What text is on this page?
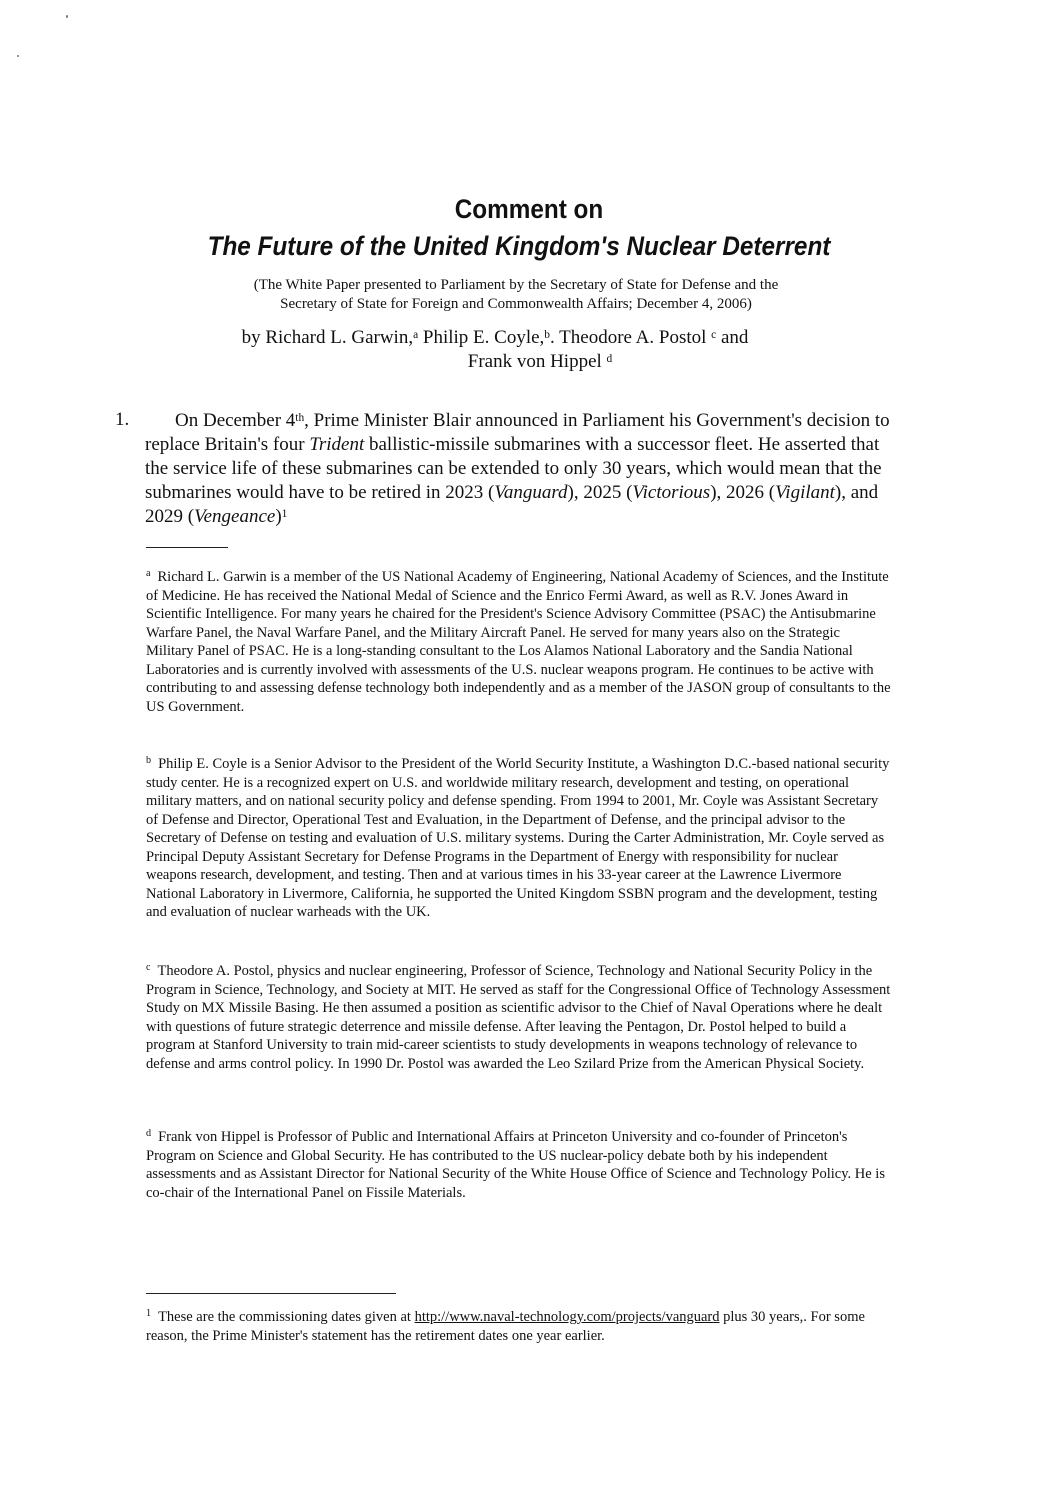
Comment on
The Future of the United Kingdom's Nuclear Deterrent
(The White Paper presented to Parliament by the Secretary of State for Defense and the
Secretary of State for Foreign and Commonwealth Affairs; December 4, 2006)
by Richard L. Garwin,$^a$ Philip E. Coyle,$^b$. Theodore A. Postol $^c$ and
Frank von Hippel $^d$
1.	On December 4th, Prime Minister Blair announced in Parliament his Government's decision to replace Britain's four Trident ballistic-missile submarines with a successor fleet. He asserted that the service life of these submarines can be extended to only 30 years, which would mean that the submarines would have to be retired in 2023 (Vanguard), 2025 (Victorious), 2026 (Vigilant), and 2029 (Vengeance)$^1$
$^a$ Richard L. Garwin is a member of the US National Academy of Engineering, National Academy of Sciences, and the Institute of Medicine. He has received the National Medal of Science and the Enrico Fermi Award, as well as R.V. Jones Award in Scientific Intelligence. For many years he chaired for the President's Science Advisory Committee (PSAC) the Antisubmarine Warfare Panel, the Naval Warfare Panel, and the Military Aircraft Panel. He served for many years also on the Strategic Military Panel of PSAC. He is a long-standing consultant to the Los Alamos National Laboratory and the Sandia National Laboratories and is currently involved with assessments of the U.S. nuclear weapons program. He continues to be active with contributing to and assessing defense technology both independently and as a member of the JASON group of consultants to the US Government.
$^b$ Philip E. Coyle is a Senior Advisor to the President of the World Security Institute, a Washington D.C.-based national security study center. He is a recognized expert on U.S. and worldwide military research, development and testing, on operational military matters, and on national security policy and defense spending. From 1994 to 2001, Mr. Coyle was Assistant Secretary of Defense and Director, Operational Test and Evaluation, in the Department of Defense, and the principal advisor to the Secretary of Defense on testing and evaluation of U.S. military systems. During the Carter Administration, Mr. Coyle served as Principal Deputy Assistant Secretary for Defense Programs in the Department of Energy with responsibility for nuclear weapons research, development, and testing. Then and at various times in his 33-year career at the Lawrence Livermore National Laboratory in Livermore, California, he supported the United Kingdom SSBN program and the development, testing and evaluation of nuclear warheads with the UK.
$^c$ Theodore A. Postol, physics and nuclear engineering, Professor of Science, Technology and National Security Policy in the Program in Science, Technology, and Society at MIT. He served as staff for the Congressional Office of Technology Assessment Study on MX Missile Basing. He then assumed a position as scientific advisor to the Chief of Naval Operations where he dealt with questions of future strategic deterrence and missile defense. After leaving the Pentagon, Dr. Postol helped to build a program at Stanford University to train mid-career scientists to study developments in weapons technology of relevance to defense and arms control policy. In 1990 Dr. Postol was awarded the Leo Szilard Prize from the American Physical Society.
$^d$ Frank von Hippel is Professor of Public and International Affairs at Princeton University and co-founder of Princeton's Program on Science and Global Security. He has contributed to the US nuclear-policy debate both by his independent assessments and as Assistant Director for National Security of the White House Office of Science and Technology Policy. He is co-chair of the International Panel on Fissile Materials.
$^1$ These are the commissioning dates given at http://www.naval-technology.com/projects/vanguard plus 30 years,. For some reason, the Prime Minister's statement has the retirement dates one year earlier.
